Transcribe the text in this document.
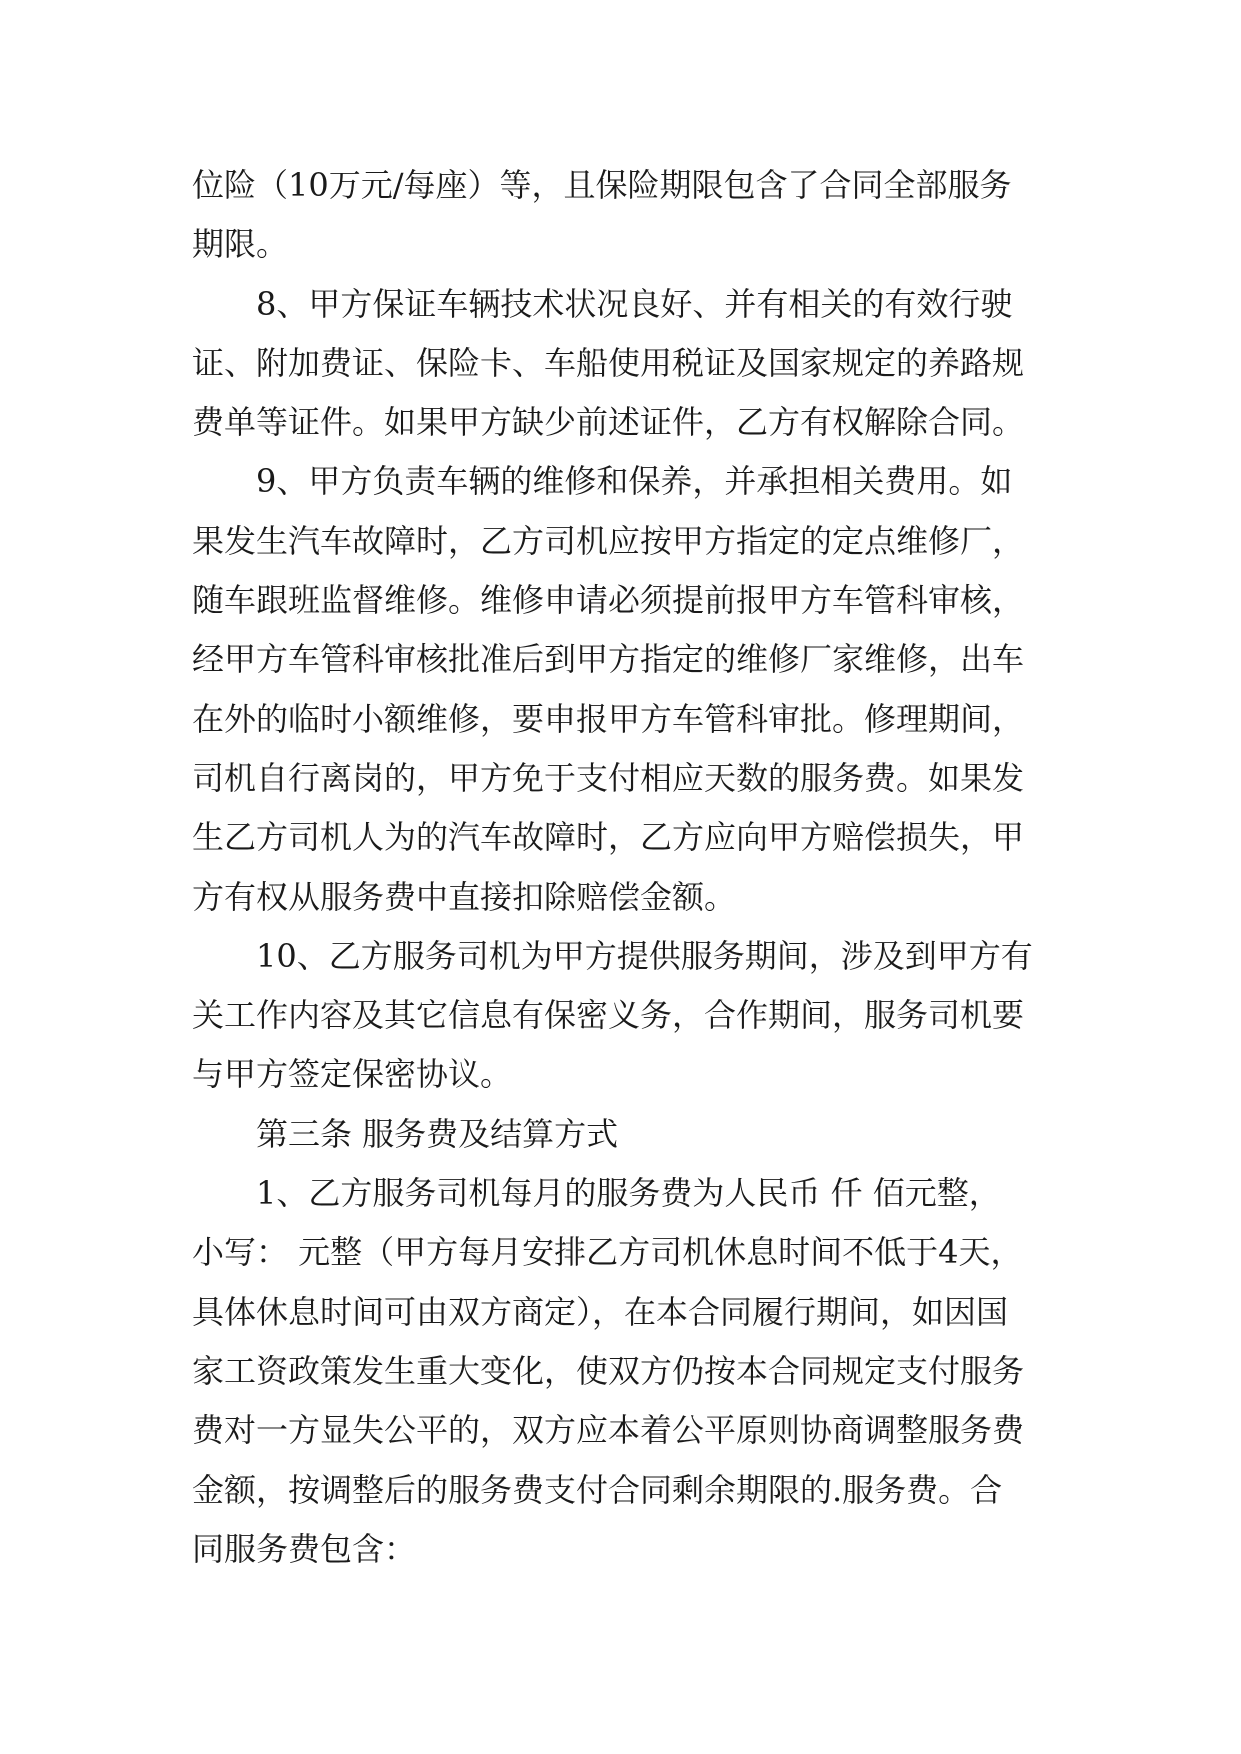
位险（10万元/每座）等，且保险期限包含了合同全部服务
期限。
8、甲方保证车辆技术状况良好、并有相关的有效行驶
证、附加费证、保险卡、车船使用税证及国家规定的养路规
费单等证件。如果甲方缺少前述证件，乙方有权解除合同。
9、甲方负责车辆的维修和保养，并承担相关费用。如
果发生汽车故障时，乙方司机应按甲方指定的定点维修厂，
随车跟班监督维修。维修申请必须提前报甲方车管科审核，
经甲方车管科审核批准后到甲方指定的维修厂家维修，出车
在外的临时小额维修，要申报甲方车管科审批。修理期间，
司机自行离岗的，甲方免于支付相应天数的服务费。如果发
生乙方司机人为的汽车故障时，乙方应向甲方赔偿损失，甲
方有权从服务费中直接扣除赔偿金额。
10、乙方服务司机为甲方提供服务期间，涉及到甲方有
关工作内容及其它信息有保密义务，合作期间，服务司机要
与甲方签定保密协议。
第三条 服务费及结算方式
1、乙方服务司机每月的服务费为人民币 仟 佰元整，
小写： 元整（甲方每月安排乙方司机休息时间不低于4天，
具体休息时间可由双方商定），在本合同履行期间，如因国
家工资政策发生重大变化，使双方仍按本合同规定支付服务
费对一方显失公平的，双方应本着公平原则协商调整服务费
金额，按调整后的服务费支付合同剩余期限的.服务费。合
同服务费包含：
